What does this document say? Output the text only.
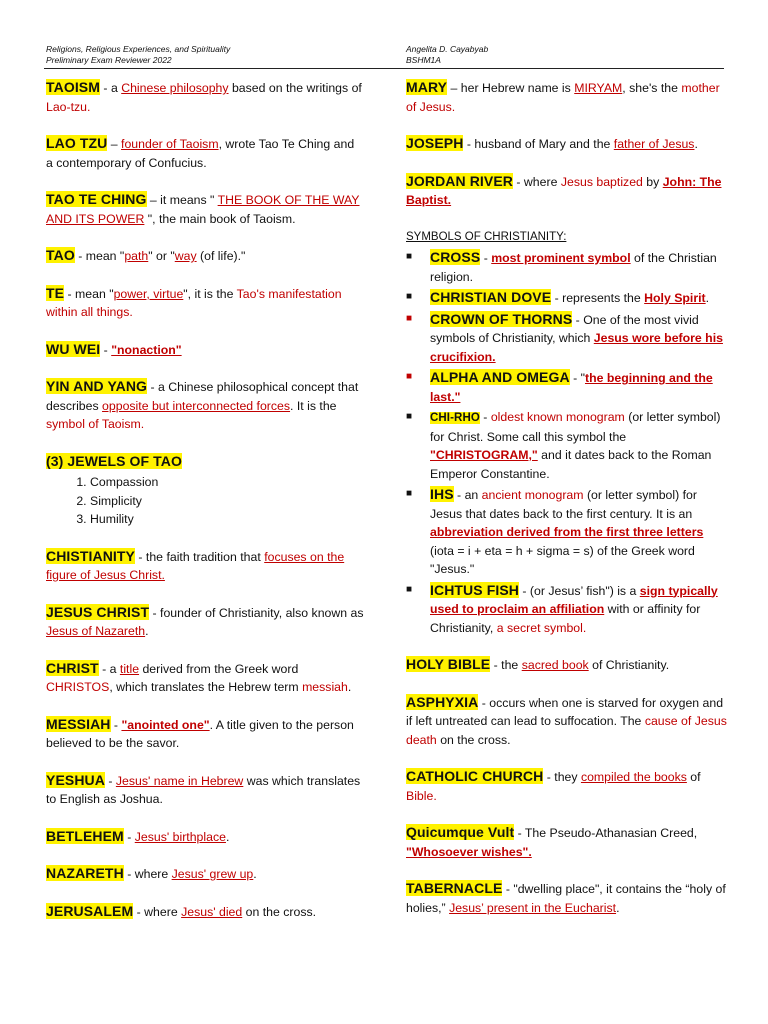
Religions, Religious Experiences, and Spirituality
Preliminary Exam Reviewer 2022
Angelita D. Cayabyab
BSHM1A
TAOISM - a Chinese philosophy based on the writings of Lao-tzu.
LAO TZU – founder of Taoism, wrote Tao Te Ching and a contemporary of Confucius.
TAO TE CHING – it means " THE BOOK OF THE WAY AND ITS POWER ", the main book of Taoism.
TAO - mean "path" or "way (of life)."
TE - mean "power, virtue", it is the Tao's manifestation within all things.
WU WEI - "nonaction"
YIN AND YANG - a Chinese philosophical concept that describes opposite but interconnected forces. It is the symbol of Taoism.
(3) JEWELS OF TAO
1. Compassion
2. Simplicity
3. Humility
CHISTIANITY - the faith tradition that focuses on the figure of Jesus Christ.
JESUS CHRIST - founder of Christianity, also known as Jesus of Nazareth.
CHRIST - a title derived from the Greek word CHRISTOS, which translates the Hebrew term messiah.
MESSIAH - "anointed one". A title given to the person believed to be the savor.
YESHUA - Jesus' name in Hebrew was which translates to English as Joshua.
BETLEHEM - Jesus' birthplace.
NAZARETH - where Jesus' grew up.
JERUSALEM - where Jesus' died on the cross.
MARY – her Hebrew name is MIRYAM, she's the mother of Jesus.
JOSEPH - husband of Mary and the father of Jesus.
JORDAN RIVER - where Jesus baptized by John: The Baptist.
SYMBOLS OF CHRISTIANITY:
■	CROSS - most prominent symbol of the Christian religion.
■	CHRISTIAN DOVE - represents the Holy Spirit.
■	CROWN OF THORNS - One of the most vivid symbols of Christianity, which Jesus wore before his crucifixion.
■	ALPHA AND OMEGA - "the beginning and the last."
■	CHI-RHO - oldest known monogram (or letter symbol) for Christ. Some call this symbol the "CHRISTOGRAM," and it dates back to the Roman Emperor Constantine.
■	IHS - an ancient monogram (or letter symbol) for Jesus that dates back to the first century. It is an abbreviation derived from the first three letters (iota = i + eta = h + sigma = s) of the Greek word "Jesus."
■	ICHTUS FISH - (or Jesus’ fish") is a sign typically used to proclaim an affiliation with or affinity for Christianity, a secret symbol.
HOLY BIBLE - the sacred book of Christianity.
ASPHYXIA - occurs when one is starved for oxygen and if left untreated can lead to suffocation. The cause of Jesus death on the cross.
CATHOLIC CHURCH - they compiled the books of Bible.
Quicumque Vult - The Pseudo-Athanasian Creed, "Whosoever wishes".
TABERNACLE - "dwelling place", it contains the “holy of holies,” Jesus’ present in the Eucharist.
